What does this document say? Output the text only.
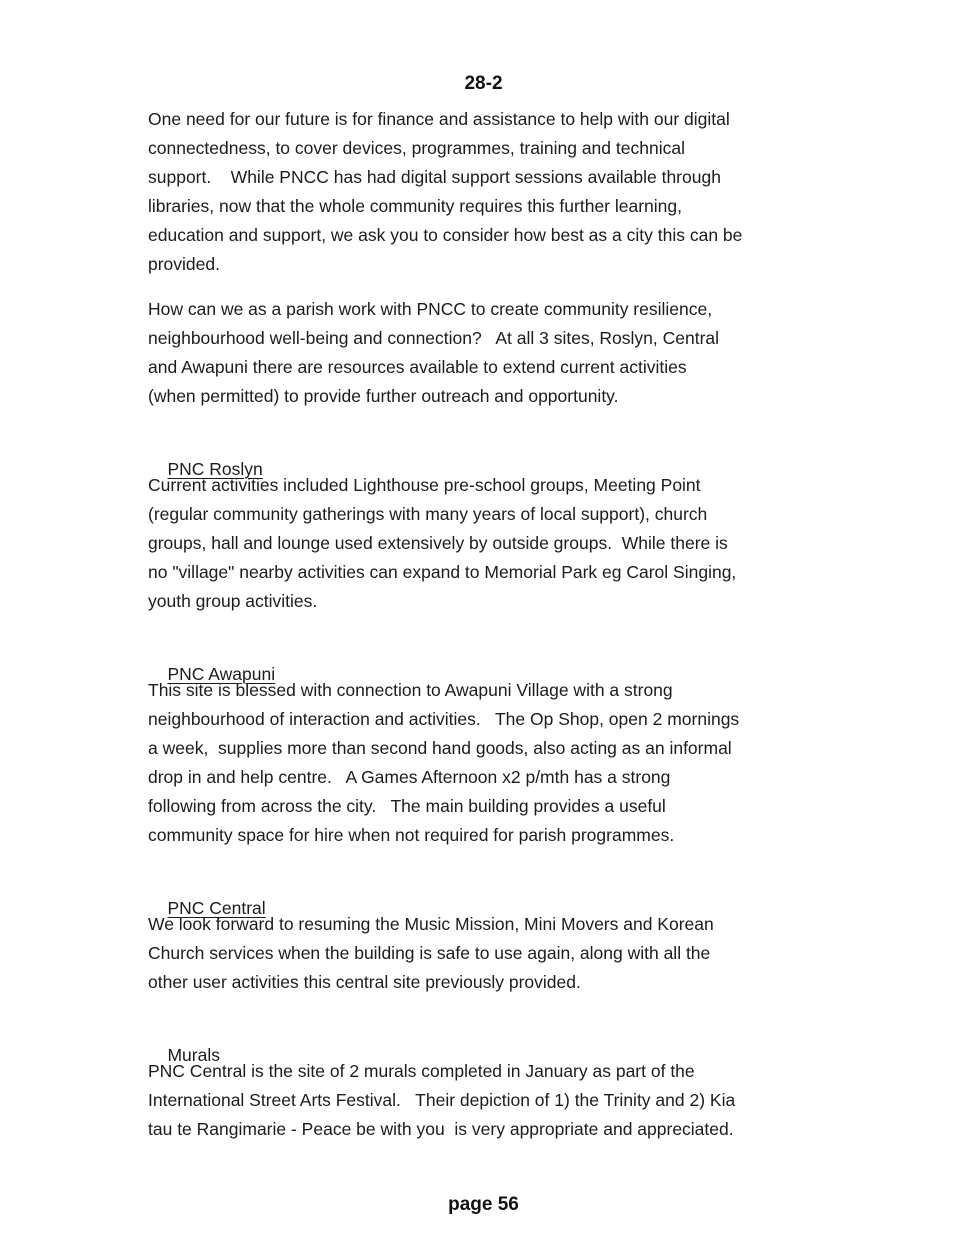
28-2
One need for our future is for finance and assistance to help with our digital
connectedness, to cover devices, programmes, training and technical
support.    While PNCC has had digital support sessions available through
libraries, now that the whole community requires this further learning,
education and support, we ask you to consider how best as a city this can be
provided.
How can we as a parish work with PNCC to create community resilience,
neighbourhood well-being and connection?   At all 3 sites, Roslyn, Central
and Awapuni there are resources available to extend current activities
(when permitted) to provide further outreach and opportunity.

PNC Roslyn

Current activities included Lighthouse pre-school groups, Meeting Point
(regular community gatherings with many years of local support), church
groups, hall and lounge used extensively by outside groups.  While there is
no "village" nearby activities can expand to Memorial Park eg Carol Singing,
youth group activities.

PNC Awapuni

This site is blessed with connection to Awapuni Village with a strong
neighbourhood of interaction and activities.   The Op Shop, open 2 mornings
a week,  supplies more than second hand goods, also acting as an informal
drop in and help centre.   A Games Afternoon x2 p/mth has a strong
following from across the city.   The main building provides a useful
community space for hire when not required for parish programmes.

PNC Central

We look forward to resuming the Music Mission, Mini Movers and Korean
Church services when the building is safe to use again, along with all the
other user activities this central site previously provided.

Murals

PNC Central is the site of 2 murals completed in January as part of the
International Street Arts Festival.   Their depiction of 1) the Trinity and 2) Kia
tau te Rangimarie - Peace be with you  is very appropriate and appreciated.
page 56
